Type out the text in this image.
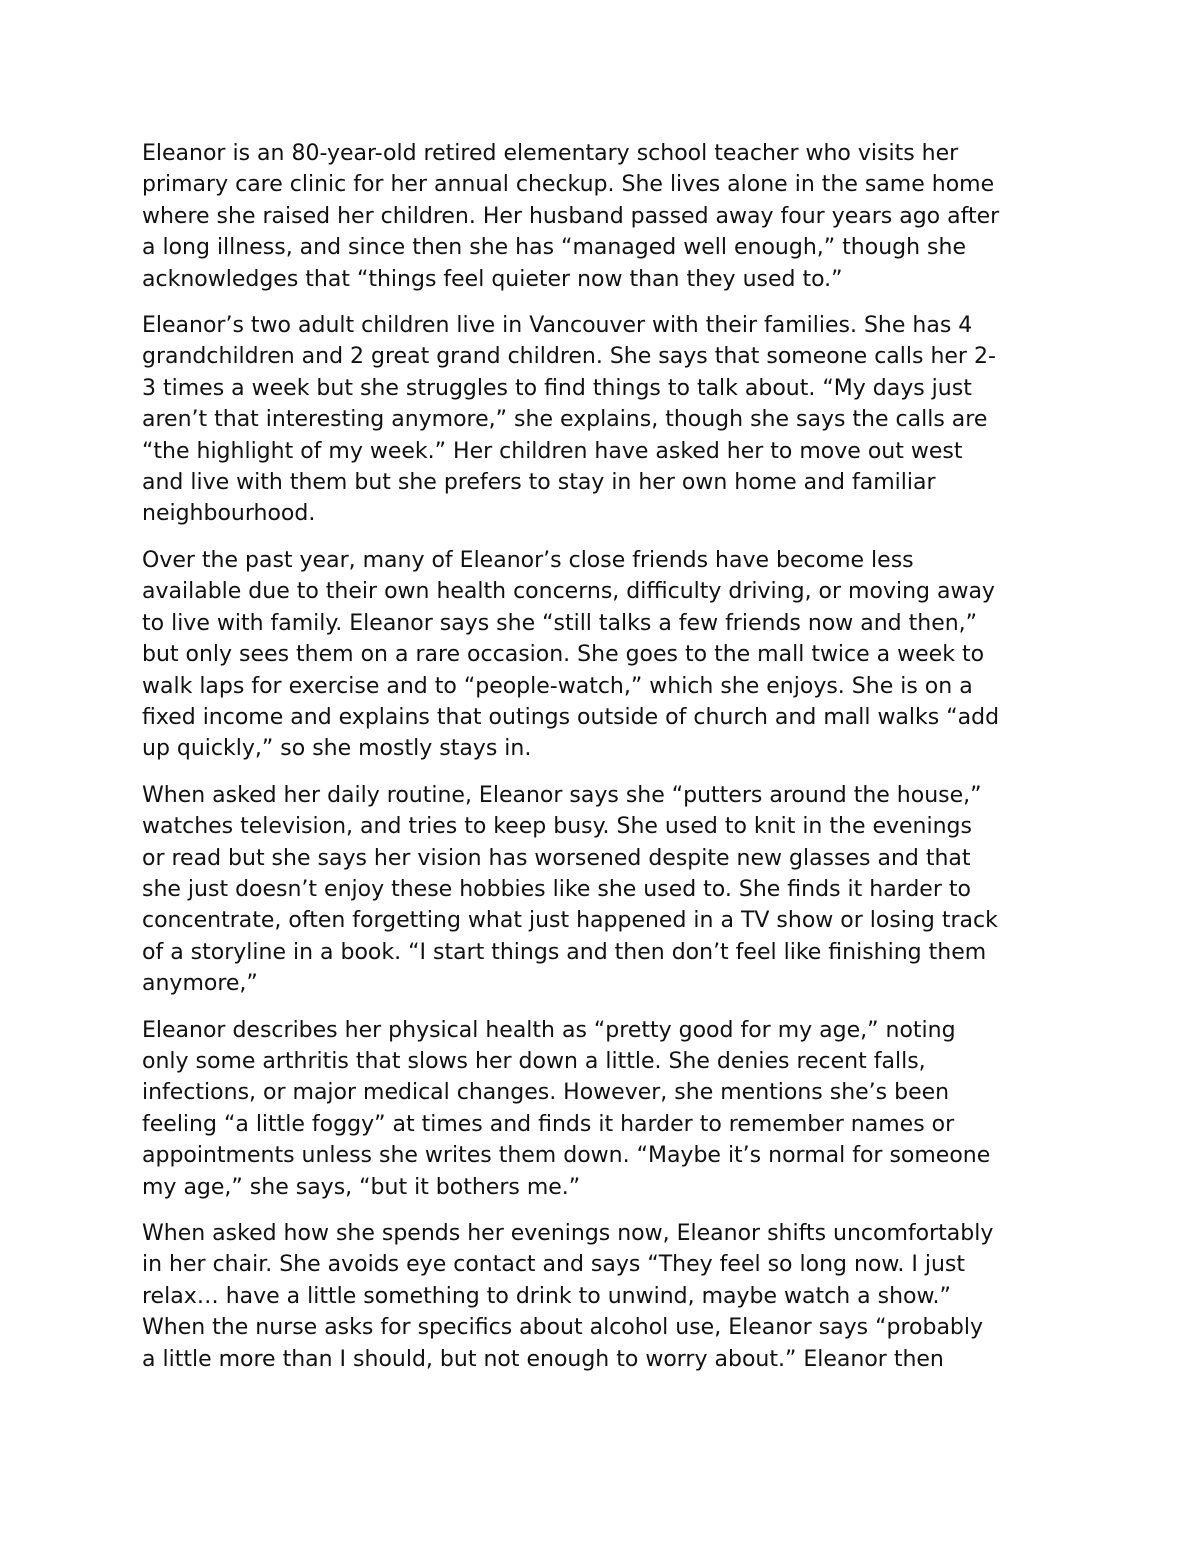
Eleanor is an 80-year-old retired elementary school teacher who visits her
primary care clinic for her annual checkup. She lives alone in the same home
where she raised her children. Her husband passed away four years ago after
a long illness, and since then she has “managed well enough,” though she
acknowledges that “things feel quieter now than they used to.”

Eleanor’s two adult children live in Vancouver with their families. She has 4
grandchildren and 2 great grand children. She says that someone calls her 2-
3 times a week but she struggles to find things to talk about. “My days just
aren’t that interesting anymore,” she explains, though she says the calls are
“the highlight of my week.” Her children have asked her to move out west
and live with them but she prefers to stay in her own home and familiar
neighbourhood.

Over the past year, many of Eleanor’s close friends have become less
available due to their own health concerns, difficulty driving, or moving away
to live with family. Eleanor says she “still talks a few friends now and then,”
but only sees them on a rare occasion. She goes to the mall twice a week to
walk laps for exercise and to “people-watch,” which she enjoys. She is on a
fixed income and explains that outings outside of church and mall walks “add
up quickly,” so she mostly stays in.

When asked her daily routine, Eleanor says she “putters around the house,”
watches television, and tries to keep busy. She used to knit in the evenings
or read but she says her vision has worsened despite new glasses and that
she just doesn’t enjoy these hobbies like she used to. She finds it harder to
concentrate, often forgetting what just happened in a TV show or losing track
of a storyline in a book. “I start things and then don’t feel like finishing them
anymore,”

Eleanor describes her physical health as “pretty good for my age,” noting
only some arthritis that slows her down a little. She denies recent falls,
infections, or major medical changes. However, she mentions she’s been
feeling “a little foggy” at times and finds it harder to remember names or
appointments unless she writes them down. “Maybe it’s normal for someone
my age,” she says, “but it bothers me.”

When asked how she spends her evenings now, Eleanor shifts uncomfortably
in her chair. She avoids eye contact and says “They feel so long now. I just
relax… have a little something to drink to unwind, maybe watch a show.”
When the nurse asks for specifics about alcohol use, Eleanor says “probably
a little more than I should, but not enough to worry about.” Eleanor then
